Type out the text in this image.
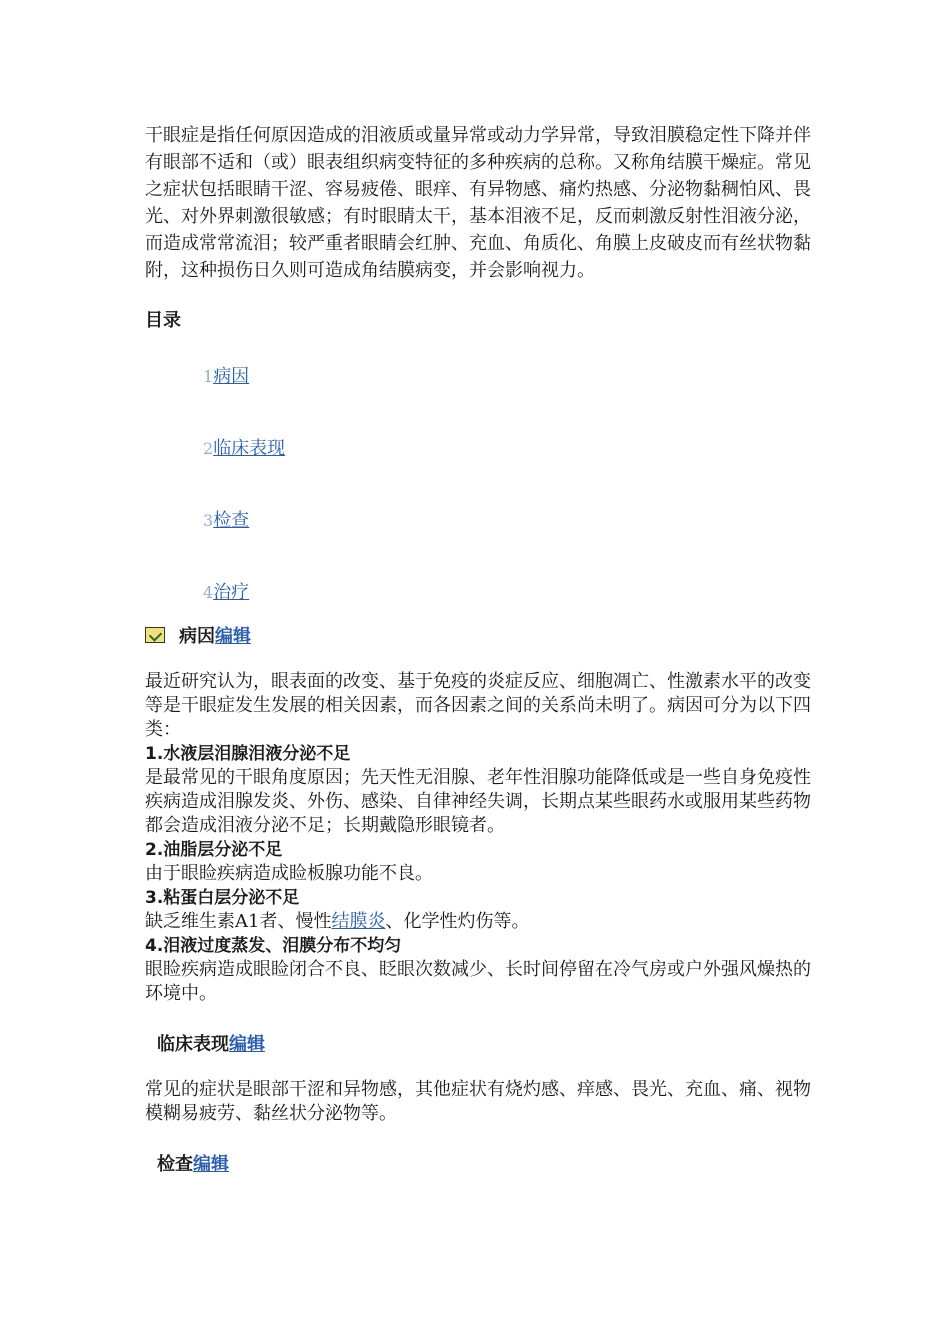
干眼症是指任何原因造成的泪液质或量异常或动力学异常，导致泪膜稳定性下降并伴有眼部不适和（或）眼表组织病变特征的多种疾病的总称。又称角结膜干燥症。常见之症状包括眼睛干涩、容易疲倦、眼痒、有异物感、痛灼热感、分泌物黏稠怕风、畏光、对外界刺激很敏感；有时眼睛太干，基本泪液不足，反而刺激反射性泪液分泌，而造成常常流泪；较严重者眼睛会红肿、充血、角质化、角膜上皮破皮而有丝状物黏附，这种损伤日久则可造成角结膜病变，并会影响视力。

目录
1病因
2临床表现
3检查
4治疗
病因 编辑

最近研究认为，眼表面的改变、基于免疫的炎症反应、细胞凋亡、性激素水平的改变等是干眼症发生发展的相关因素，而各因素之间的关系尚未明了。病因可分为以下四类：

1.水液层泪腺泪液分泌不足

是最常见的干眼角度原因；先天性无泪腺、老年性泪腺功能降低或是一些自身免疫性疾病造成泪腺发炎、外伤、感染、自律神经失调，长期点某些眼药水或服用某些药物都会造成泪液分泌不足；长期戴隐形眼镜者。

2.油脂层分泌不足

由于眼睑疾病造成睑板腺功能不良。

3.粘蛋白层分泌不足

缺乏维生素A1者、慢性结膜炎、化学性灼伤等。

4.泪液过度蒸发、泪膜分布不均匀

眼睑疾病造成眼睑闭合不良、眨眼次数减少、长时间停留在冷气房或户外强风燥热的环境中。

临床表现 编辑

常见的症状是眼部干涩和异物感，其他症状有烧灼感、痒感、畏光、充血、痛、视物模糊易疲劳、黏丝状分泌物等。

检查 编辑
